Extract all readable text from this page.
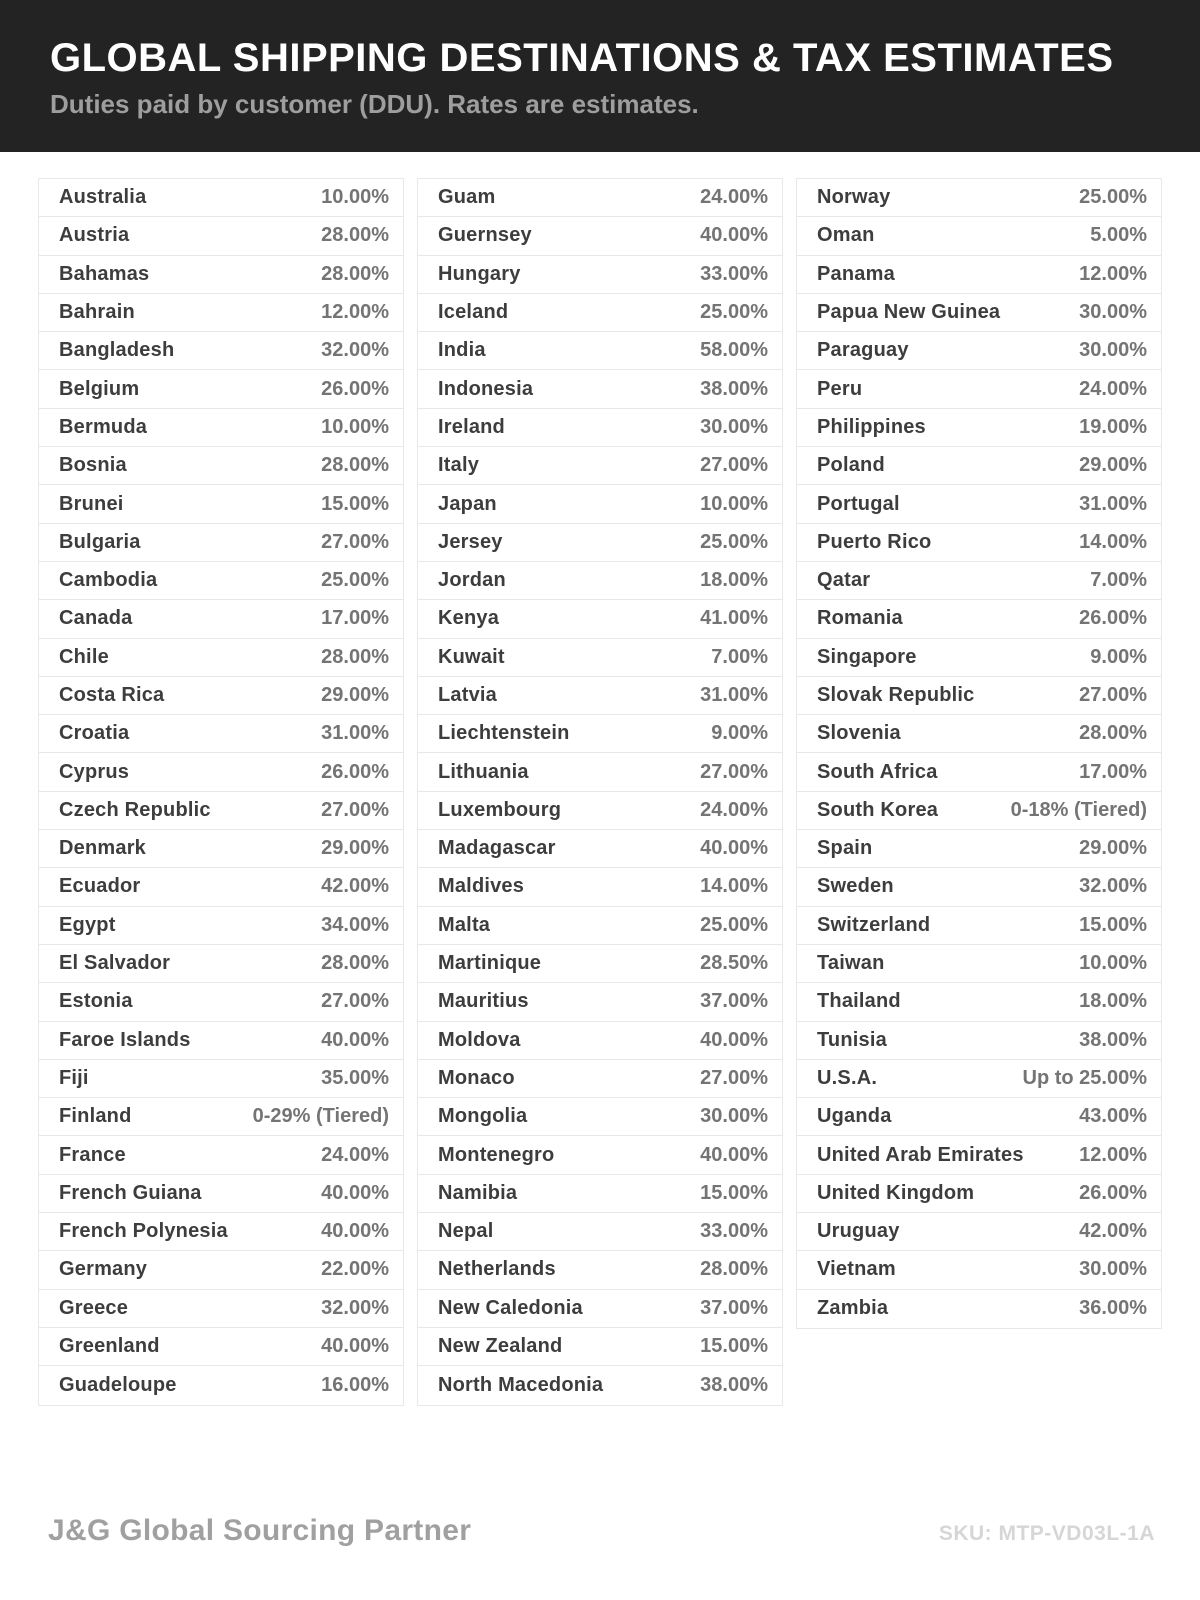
GLOBAL SHIPPING DESTINATIONS & TAX ESTIMATES
Duties paid by customer (DDU). Rates are estimates.
Australia	10.00%
Austria	28.00%
Bahamas	28.00%
Bahrain	12.00%
Bangladesh	32.00%
Belgium	26.00%
Bermuda	10.00%
Bosnia	28.00%
Brunei	15.00%
Bulgaria	27.00%
Cambodia	25.00%
Canada	17.00%
Chile	28.00%
Costa Rica	29.00%
Croatia	31.00%
Cyprus	26.00%
Czech Republic	27.00%
Denmark	29.00%
Ecuador	42.00%
Egypt	34.00%
El Salvador	28.00%
Estonia	27.00%
Faroe Islands	40.00%
Fiji	35.00%
Finland	0-29% (Tiered)
France	24.00%
French Guiana	40.00%
French Polynesia	40.00%
Germany	22.00%
Greece	32.00%
Greenland	40.00%
Guadeloupe	16.00%
Guam	24.00%
Guernsey	40.00%
Hungary	33.00%
Iceland	25.00%
India	58.00%
Indonesia	38.00%
Ireland	30.00%
Italy	27.00%
Japan	10.00%
Jersey	25.00%
Jordan	18.00%
Kenya	41.00%
Kuwait	7.00%
Latvia	31.00%
Liechtenstein	9.00%
Lithuania	27.00%
Luxembourg	24.00%
Madagascar	40.00%
Maldives	14.00%
Malta	25.00%
Martinique	28.50%
Mauritius	37.00%
Moldova	40.00%
Monaco	27.00%
Mongolia	30.00%
Montenegro	40.00%
Namibia	15.00%
Nepal	33.00%
Netherlands	28.00%
New Caledonia	37.00%
New Zealand	15.00%
North Macedonia	38.00%
Norway	25.00%
Oman	5.00%
Panama	12.00%
Papua New Guinea	30.00%
Paraguay	30.00%
Peru	24.00%
Philippines	19.00%
Poland	29.00%
Portugal	31.00%
Puerto Rico	14.00%
Qatar	7.00%
Romania	26.00%
Singapore	9.00%
Slovak Republic	27.00%
Slovenia	28.00%
South Africa	17.00%
South Korea	0-18% (Tiered)
Spain	29.00%
Sweden	32.00%
Switzerland	15.00%
Taiwan	10.00%
Thailand	18.00%
Tunisia	38.00%
U.S.A.	Up to 25.00%
Uganda	43.00%
United Arab Emirates	12.00%
United Kingdom	26.00%
Uruguay	42.00%
Vietnam	30.00%
Zambia	36.00%
J&G Global Sourcing Partner	SKU: MTP-VD03L-1A
